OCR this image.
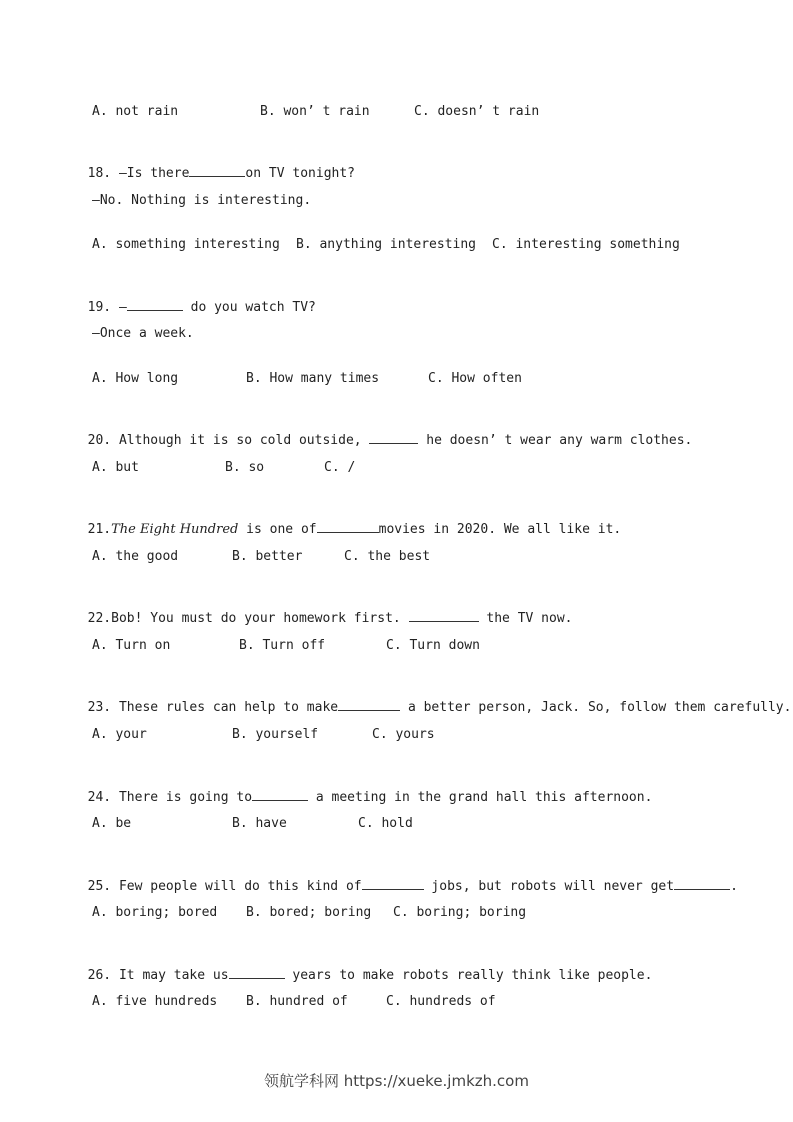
A. not rain

	B. won’ t rain

	C. doesn’ t rain

18. —Is there	on TV tonight?

—No. Nothing is interesting.

A. something interesting

B. anything interesting

C. interesting something

19. —	do you watch TV?

—Once a week.

A. How long

	B. How many times

	C. How often

20. Although it is so cold outside,	he doesn’ t wear any warm clothes.

A. but

	B. so

	C. /

21.The Eight Hundred is one of	movies in 2020. We all like it.

A. the good

	B. better

	C. the best

22.Bob! You must do your homework first.	the TV now.

A. Turn on

	B. Turn off

	C. Turn down

23. These rules can help to make	a better person, Jack. So, follow them carefully.

A. your

	B. yourself

	C. yours

24. There is going to	a meeting in the grand hall this afternoon.

A. be

	B. have

	C. hold

25. Few people will do this kind of	jobs, but robots will never get	.

A. boring; bored

B. bored; boring

C. boring; boring

26. It may take us	years to make robots really think like people.

A. five hundreds

B. hundred of

	C. hundreds of

领航学科网 https://xueke.jmkzh.com
